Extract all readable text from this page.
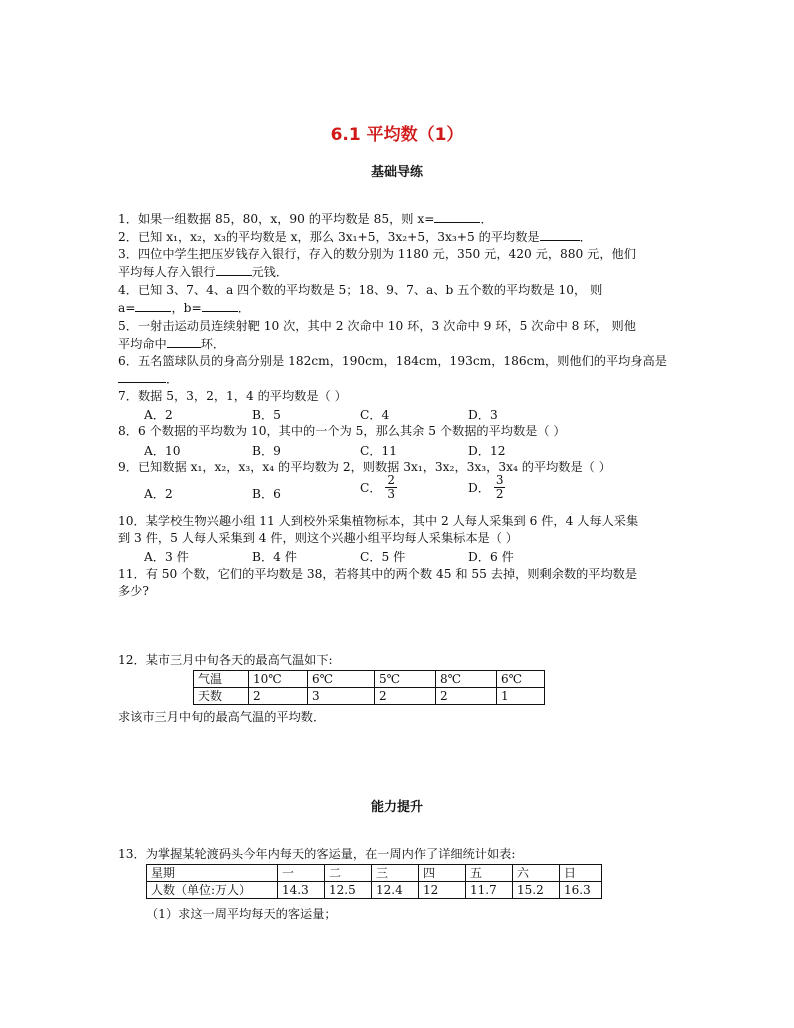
6.1 平均数（1）
基础导练
1．如果一组数据 85，80，x，90 的平均数是 85，则 x=	．
2．已知 x₁，x₂，x₃的平均数是 x，那么 3x₁+5，3x₂+5，3x₃+5 的平均数是	．
3．四位中学生把压岁钱存入银行，存入的数分别为 1180 元，350 元，420 元，880 元，他们
平均每人存入银行	元钱．
4．已知 3、7、4、a 四个数的平均数是 5；18、9、7、a、b 五个数的平均数是 10， 则
a=	，b=	．
5．一射击运动员连续射靶 10 次，其中 2 次命中 10 环，3 次命中 9 环，5 次命中 8 环， 则他
平均命中	环．
6．五名篮球队员的身高分别是 182cm，190cm，184cm，193cm，186cm，则他们的平均身高是
．
7．数据 5，3，2，1，4 的平均数是（ ）
A．2	B．5	C．4	D．3
8．6 个数据的平均数为 10，其中的一个为 5，那么其余 5 个数据的平均数是（ ）
A．10	B．9	C．11	D．12
9．已知数据 x₁，x₂，x₃，x₄ 的平均数为 2，则数据 3x₁，3x₂，3x₃，3x₄ 的平均数是（ ）
A．2	B．6	C． $\frac{2}{3}$	D． $\frac{3}{2}$
10．某学校生物兴趣小组 11 人到校外采集植物标本，其中 2 人每人采集到 6 件，4 人每人采集
到 3 件，5 人每人采集到 4 件，则这个兴趣小组平均每人采集标本是（ ）
A．3 件	B．4 件	C．5 件	D．6 件
11．有 50 个数，它们的平均数是 38，若将其中的两个数 45 和 55 去掉，则剩余数的平均数是
多少?
12．某市三月中旬各天的最高气温如下:
气温	10℃	6℃	5℃	8℃	6℃
天数	2	3	2	2	1
求该市三月中旬的最高气温的平均数．
能力提升
13．为掌握某轮渡码头今年内每天的客运量，在一周内作了详细统计如表:
星期	一	二	三	四	五	六	日
人数（单位:万人）	14.3	12.5	12.4	12	11.7	15.2	16.3
（1）求这一周平均每天的客运量；
